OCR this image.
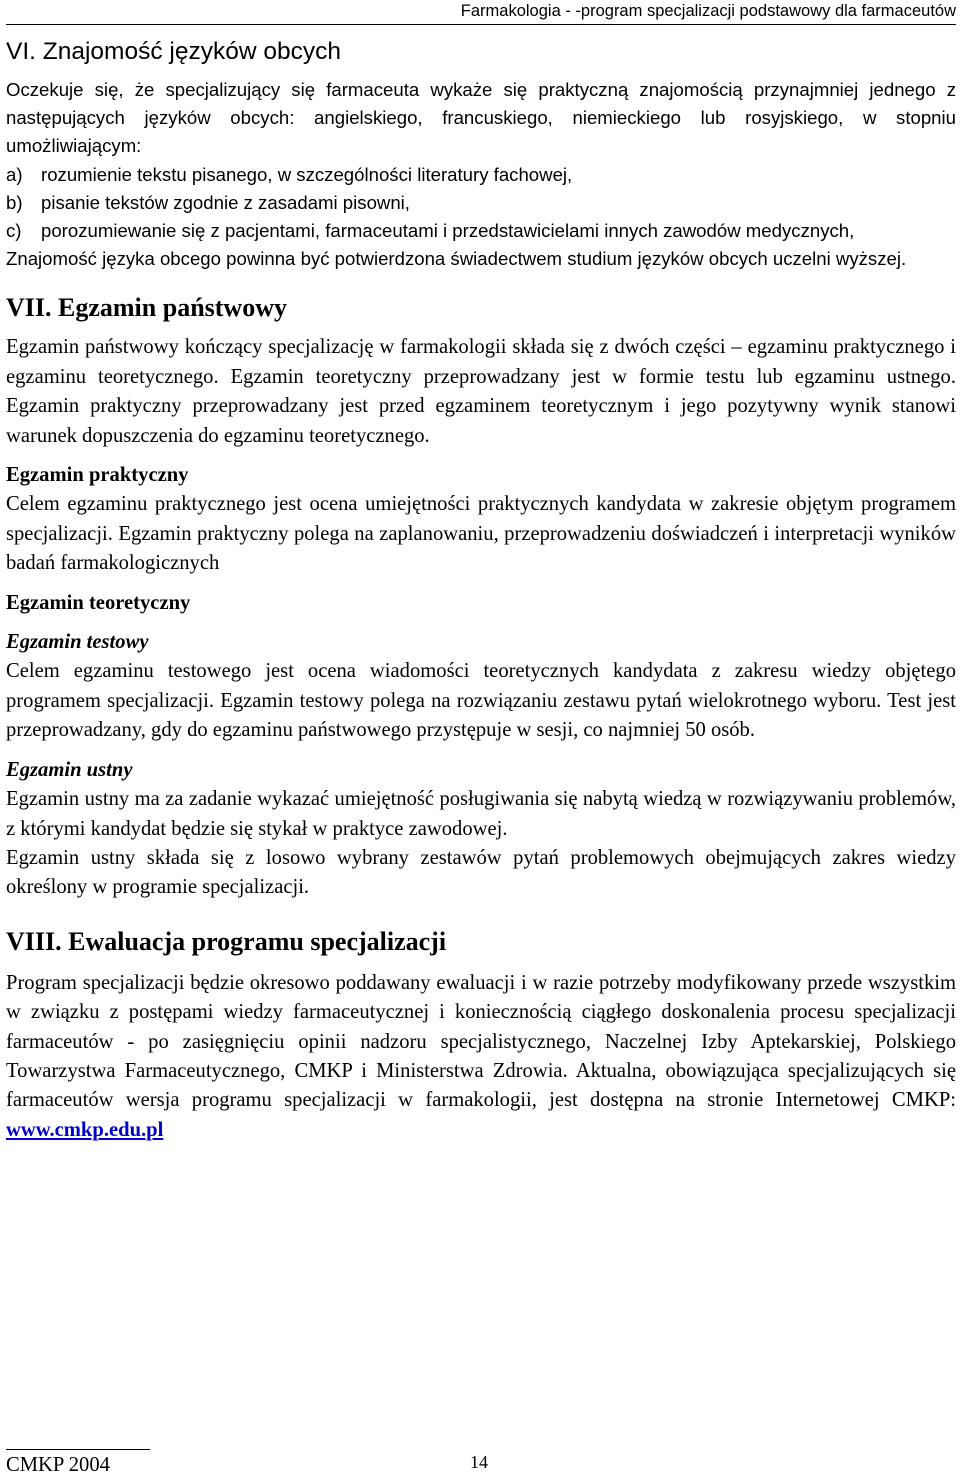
Farmakologia - -program specjalizacji podstawowy dla farmaceutów
VI. Znajomość języków obcych

Oczekuje się, że specjalizujący się farmaceuta wykaże się praktyczną znajomością przynajmniej jednego z następujących języków obcych: angielskiego, francuskiego, niemieckiego lub rosyjskiego, w stopniu umożliwiającym:

a) rozumienie tekstu pisanego, w szczególności literatury fachowej,
b) pisanie tekstów zgodnie z zasadami pisowni,
c)	porozumiewanie się z pacjentami, farmaceutami i przedstawicielami innych zawodów medycznych,

Znajomość języka obcego powinna być potwierdzona świadectwem studium języków obcych uczelni wyższej.

VII. Egzamin państwowy

Egzamin państwowy kończący specjalizację w farmakologii składa się z dwóch części – egzaminu praktycznego i egzaminu teoretycznego. Egzamin teoretyczny przeprowadzany jest w formie testu lub egzaminu ustnego. Egzamin praktyczny przeprowadzany jest przed egzaminem teoretycznym i jego pozytywny wynik stanowi warunek dopuszczenia do egzaminu teoretycznego.

Egzamin praktyczny

Celem egzaminu praktycznego jest ocena umiejętności praktycznych kandydata w zakresie objętym programem specjalizacji. Egzamin praktyczny polega na zaplanowaniu, przeprowadzeniu doświadczeń i interpretacji wyników badań farmakologicznych

Egzamin teoretyczny
Egzamin testowy

Celem egzaminu testowego jest ocena wiadomości teoretycznych kandydata z zakresu wiedzy objętego programem specjalizacji. Egzamin testowy polega na rozwiązaniu zestawu pytań wielokrotnego wyboru. Test jest przeprowadzany, gdy do egzaminu państwowego przystępuje w sesji, co najmniej 50 osób.

Egzamin ustny

Egzamin ustny ma za zadanie wykazać umiejętność posługiwania się nabytą wiedzą w rozwiązywaniu problemów, z którymi kandydat będzie się stykał w praktyce zawodowej.

Egzamin ustny składa się z losowo wybrany zestawów pytań problemowych obejmujących zakres wiedzy określony w programie specjalizacji.

VIII. Ewaluacja programu specjalizacji

Program specjalizacji będzie okresowo poddawany ewaluacji i w razie potrzeby modyfikowany przede wszystkim w związku z postępami wiedzy farmaceutycznej i koniecznością ciągłego doskonalenia procesu specjalizacji farmaceutów - po zasięgnięciu opinii nadzoru specjalistycznego, Naczelnej Izby Aptekarskiej, Polskiego Towarzystwa Farmaceutycznego, CMKP i Ministerstwa Zdrowia. Aktualna, obowiązująca specjalizujących się farmaceutów wersja programu specjalizacji w farmakologii, jest dostępna na stronie Internetowej CMKP: www.cmkp.edu.pl

CMKP 2004	14
